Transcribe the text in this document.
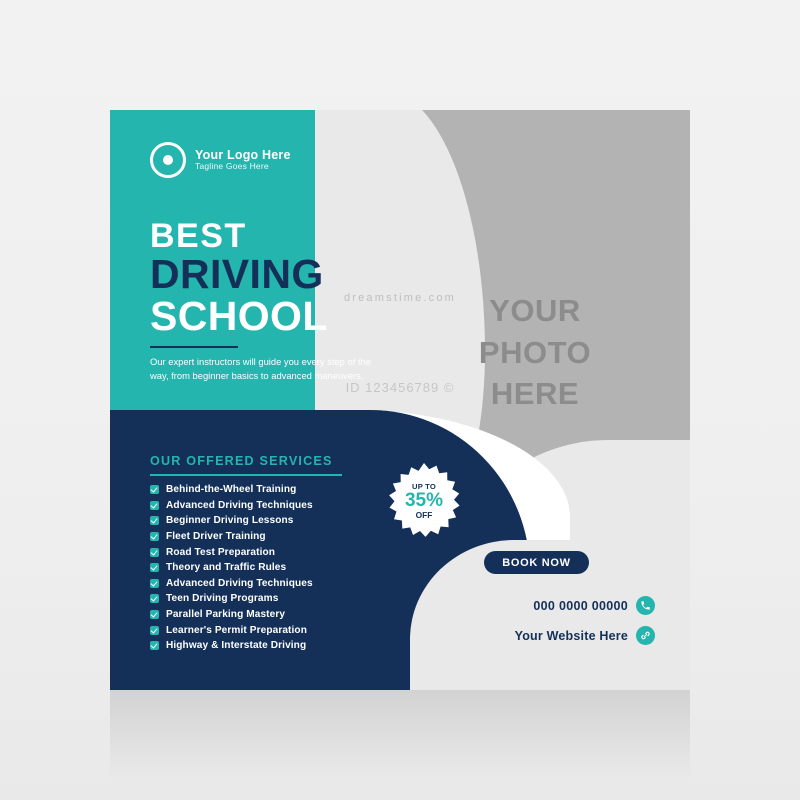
YOUR
PHOTO
HERE
Your Logo Here
Tagline Goes Here
BEST
DRIVING
SCHOOL
Our expert instructors will guide you every step of the way, from beginner basics to advanced maneuvers.
OUR OFFERED SERVICES
Behind-the-Wheel Training
Advanced Driving Techniques
Beginner Driving Lessons
Fleet Driver Training
Road Test Preparation
Theory and Traffic Rules
Advanced Driving Techniques
Teen Driving Programs
Parallel Parking Mastery
Learner's Permit Preparation
Highway & Interstate Driving
UP TO
35%
OFF
BOOK NOW
000 0000 00000
Your Website Here
dreamstime.com
ID 123456789 ©
